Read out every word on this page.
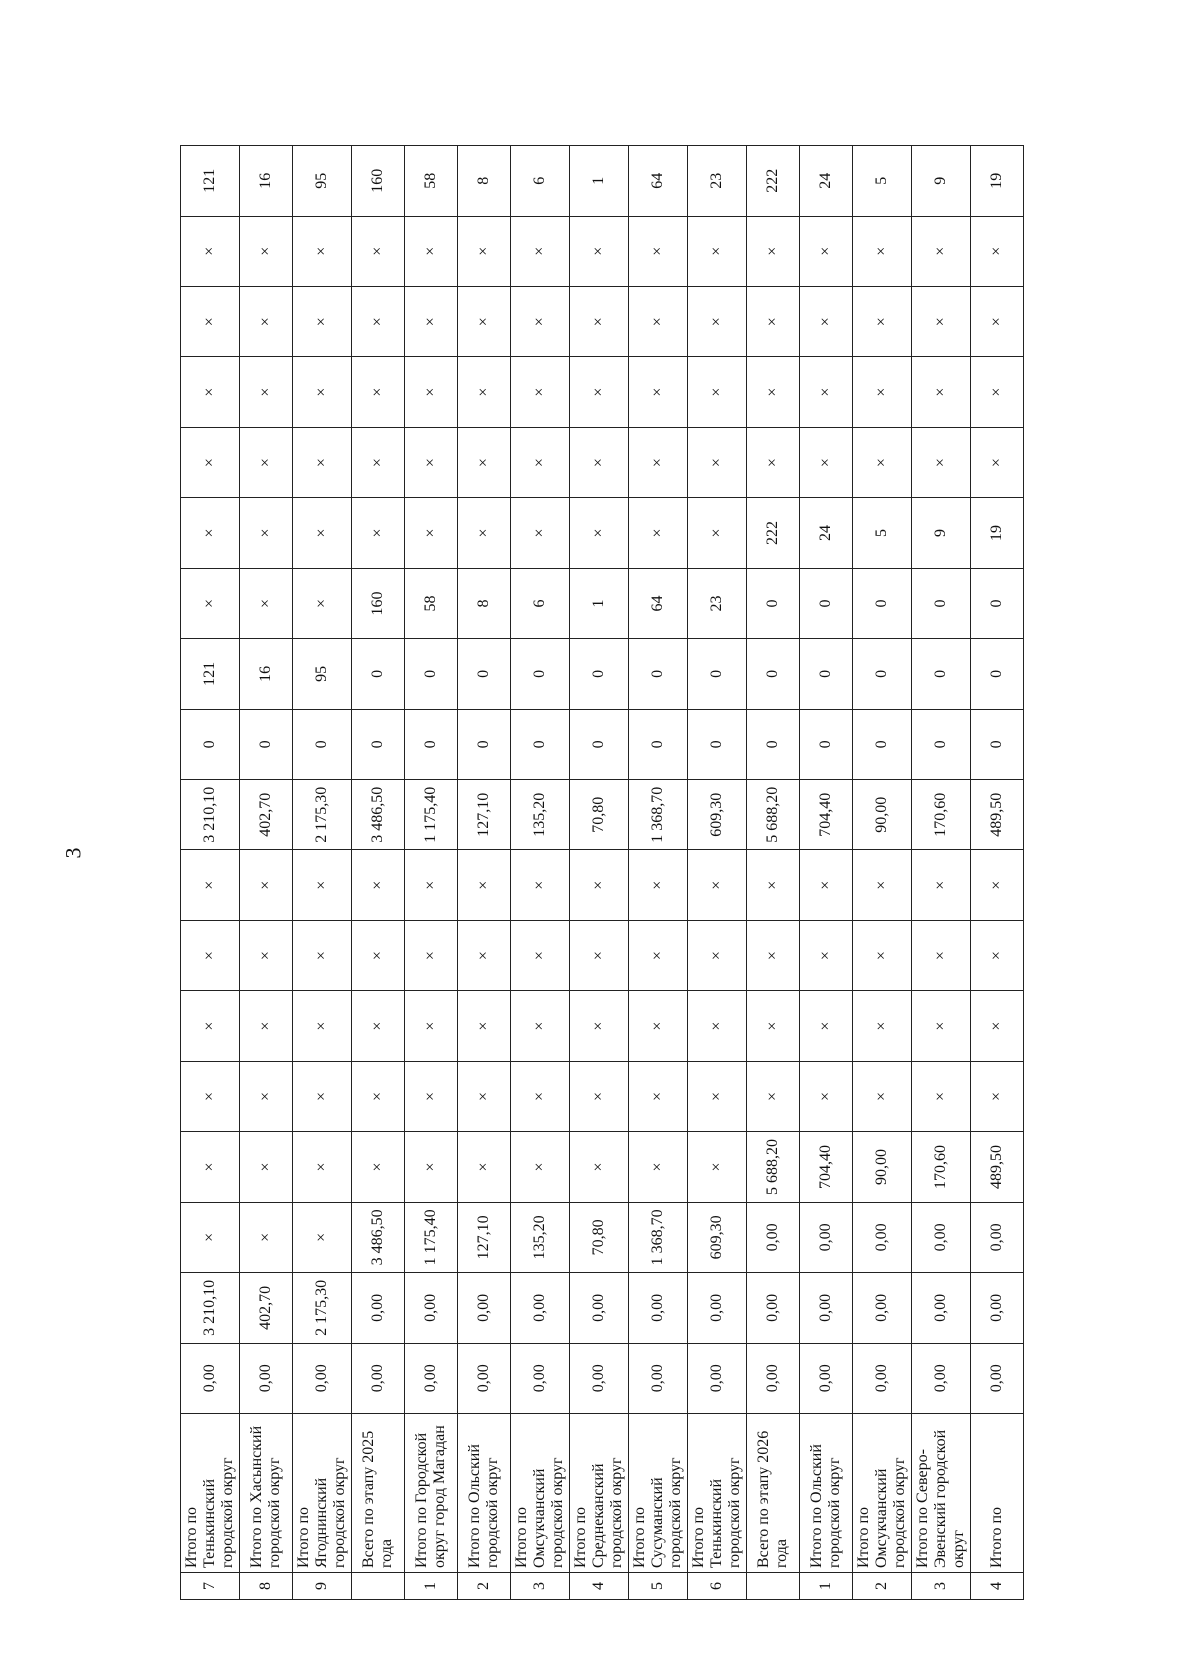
3
7	Итого по Тенькинский городской округ	0,00	3 210,10	×	×	×	×	×	×	3 210,10	0	121	×	×	×	×	×	×	121
8	Итого по Хасынский городской округ	0,00	402,70	×	×	×	×	×	×	402,70	0	16	×	×	×	×	×	×	16
9	Итого по Ягоднинский городской округ	0,00	2 175,30	×	×	×	×	×	×	2 175,30	0	95	×	×	×	×	×	×	95
	Всего по этапу 2025 года	0,00	0,00	3 486,50	×	×	×	×	×	3 486,50	0	0	160	×	×	×	×	×	160
1	Итого по Городской округ город Магадан	0,00	0,00	1 175,40	×	×	×	×	×	1 175,40	0	0	58	×	×	×	×	×	58
2	Итого по Ольский городской округ	0,00	0,00	127,10	×	×	×	×	×	127,10	0	0	8	×	×	×	×	×	8
3	Итого по Омсукчанский городской округ	0,00	0,00	135,20	×	×	×	×	×	135,20	0	0	6	×	×	×	×	×	6
4	Итого по Среднеканский городской округ	0,00	0,00	70,80	×	×	×	×	×	70,80	0	0	1	×	×	×	×	×	1
5	Итого по Сусуманский городской округ	0,00	0,00	1 368,70	×	×	×	×	×	1 368,70	0	0	64	×	×	×	×	×	64
6	Итого по Тенькинский городской округ	0,00	0,00	609,30	×	×	×	×	×	609,30	0	0	23	×	×	×	×	×	23
	Всего по этапу 2026 года	0,00	0,00	0,00	5 688,20	×	×	×	×	5 688,20	0	0	0	222	×	×	×	×	222
1	Итого по Ольский городской округ	0,00	0,00	0,00	704,40	×	×	×	×	704,40	0	0	0	24	×	×	×	×	24
2	Итого по Омсукчанский городской округ	0,00	0,00	0,00	90,00	×	×	×	×	90,00	0	0	0	5	×	×	×	×	5
3	Итого по Северо-Эвенский городской округ	0,00	0,00	0,00	170,60	×	×	×	×	170,60	0	0	0	9	×	×	×	×	9
4	Итого по	0,00	0,00	0,00	489,50	×	×	×	×	489,50	0	0	0	19	×	×	×	×	19
